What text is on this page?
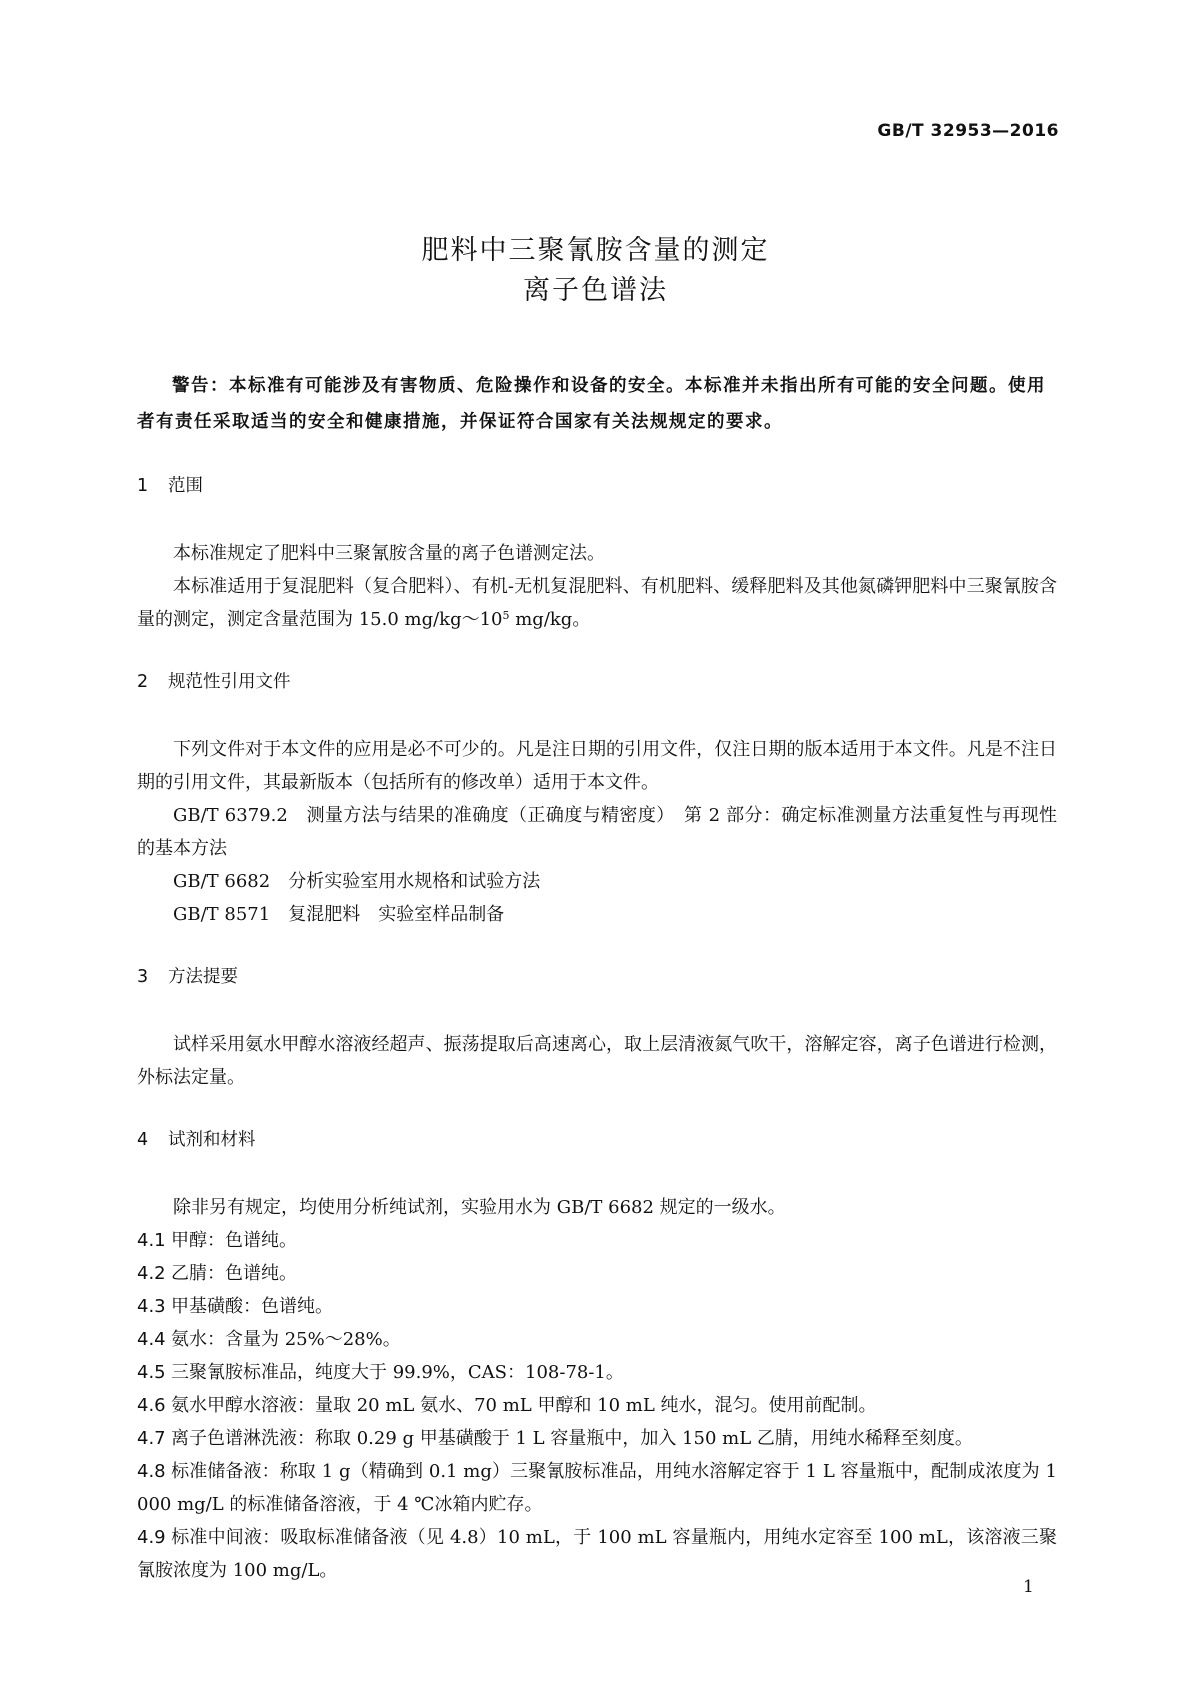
GB/T 32953—2016
肥料中三聚氰胺含量的测定
离子色谱法
警告：本标准有可能涉及有害物质、危险操作和设备的安全。本标准并未指出所有可能的安全问题。使用者有责任采取适当的安全和健康措施，并保证符合国家有关法规规定的要求。
1 范围
本标准规定了肥料中三聚氰胺含量的离子色谱测定法。
本标准适用于复混肥料（复合肥料）、有机-无机复混肥料、有机肥料、缓释肥料及其他氮磷钾肥料中三聚氰胺含量的测定，测定含量范围为 15.0 $mg/kg\sim 10^5$ mg/kg。
2 规范性引用文件
下列文件对于本文件的应用是必不可少的。凡是注日期的引用文件，仅注日期的版本适用于本文件。凡是不注日期的引用文件，其最新版本（包括所有的修改单）适用于本文件。
GB/T 6379.2　测量方法与结果的准确度（正确度与精密度）　第 2 部分：确定标准测量方法重复性与再现性的基本方法
GB/T 6682　分析实验室用水规格和试验方法
GB/T 8571　复混肥料　实验室样品制备
3 方法提要
试样采用氨水甲醇水溶液经超声、振荡提取后高速离心，取上层清液氮气吹干，溶解定容，离子色谱进行检测，外标法定量。
4 试剂和材料
除非另有规定，均使用分析纯试剂，实验用水为 GB/T 6682 规定的一级水。
4.1 甲醇：色谱纯。
4.2 乙腈：色谱纯。
4.3 甲基磺酸：色谱纯。
4.4 氨水：含量为 25%～28%。
4.5 三聚氰胺标准品，纯度大于 99.9%，CAS：108-78-1。
4.6 氨水甲醇水溶液：量取 20 mL 氨水、70 mL 甲醇和 10 mL 纯水，混匀。使用前配制。
4.7 离子色谱淋洗液：称取 0.29 g 甲基磺酸于 1 L 容量瓶中，加入 150 mL 乙腈，用纯水稀释至刻度。
4.8 标准储备液：称取 1 g（精确到 0.1 mg）三聚氰胺标准品，用纯水溶解定容于 1 L 容量瓶中，配制成浓度为 1 000 mg/L 的标准储备溶液，于 4 ℃冰箱内贮存。
4.9 标准中间液：吸取标准储备液（见 4.8）10 mL，于 100 mL 容量瓶内，用纯水定容至 100 mL，该溶液三聚氰胺浓度为 100 mg/L。
1
